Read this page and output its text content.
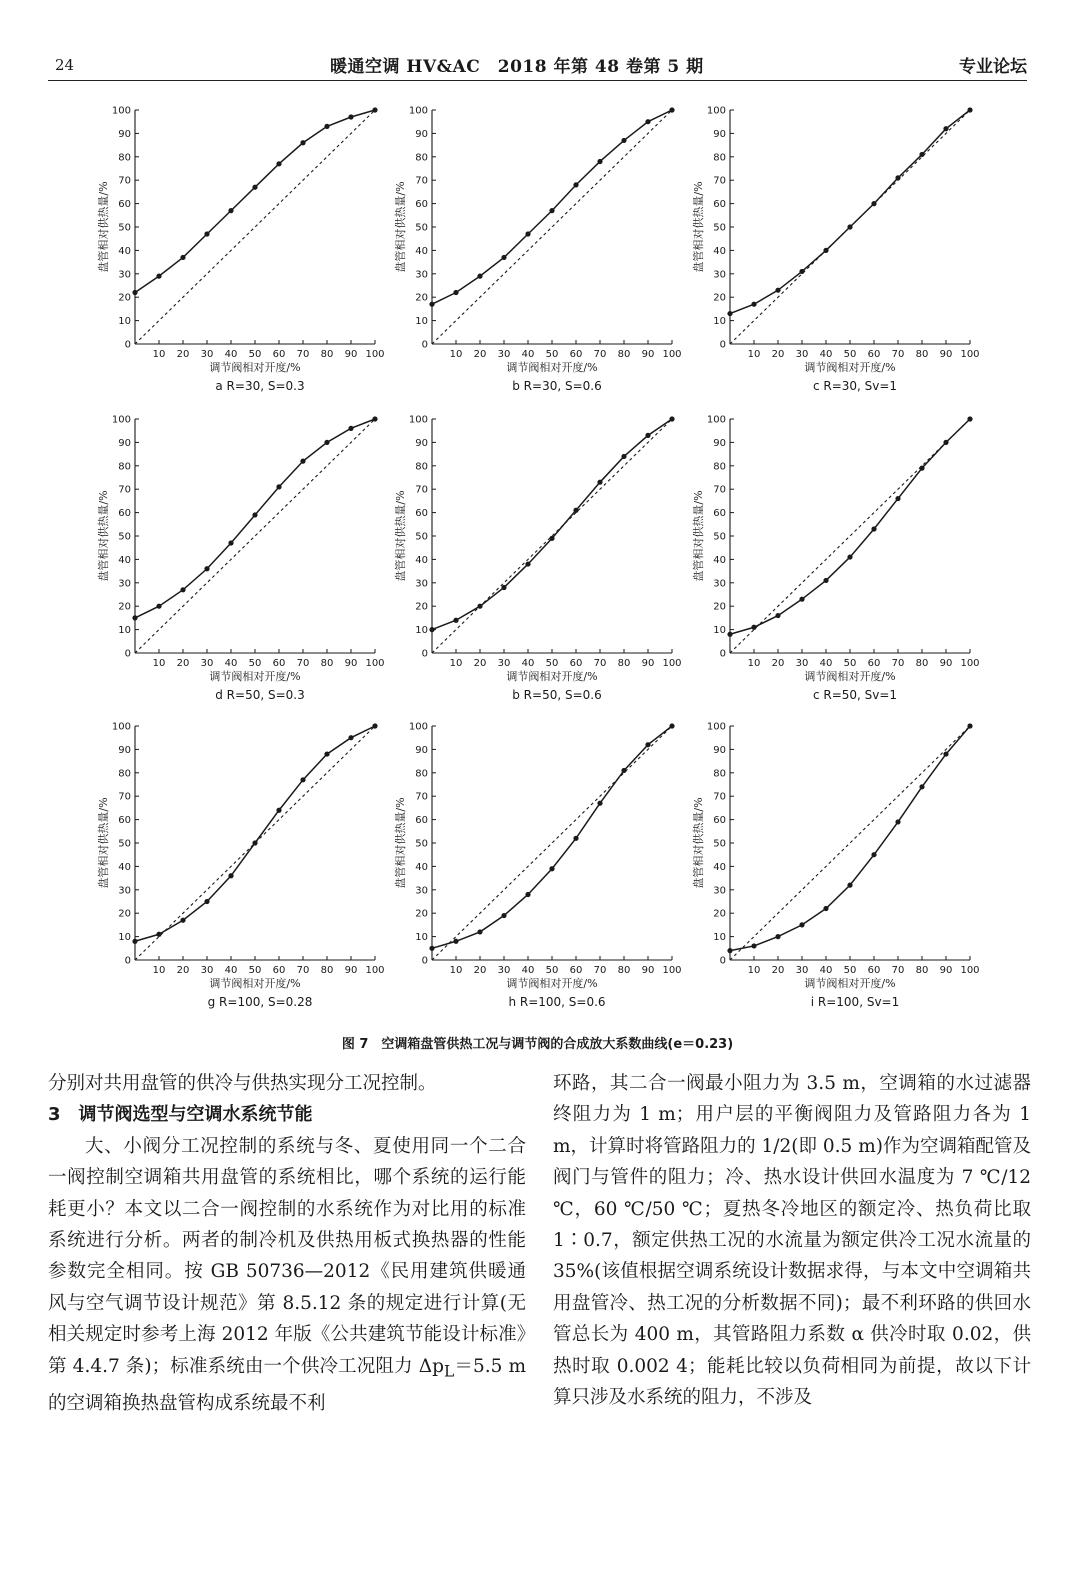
24	暖通空调 HV&AC　2018 年第 48 卷第 5 期	专业论坛
0
10
20
30
40
50
60
70
80
90
100
10 20 30 40 50 60 70 80 90 100
调节阀相对开度/%
盘管相对供热量/%
a R=30, S=0.3
0
10
20
30
40
50
60
70
80
90
100
10 20 30 40 50 60 70 80 90 100
调节阀相对开度/%
盘管相对供热量/%
b R=30, S=0.6
0
10
20
30
40
50
60
70
80
90
100
10 20 30 40 50 60 70 80 90 100
调节阀相对开度/%
盘管相对供热量/%
c R=30, Sv=1
0
10
20
30
40
50
60
70
80
90
100
10 20 30 40 50 60 70 80 90 100
调节阀相对开度/%
盘管相对供热量/%
d R=50, S=0.3
0
10
20
30
40
50
60
70
80
90
100
10 20 30 40 50 60 70 80 90 100
调节阀相对开度/%
盘管相对供热量/%
b R=50, S=0.6
0
10
20
30
40
50
60
70
80
90
100
10 20 30 40 50 60 70 80 90 100
调节阀相对开度/%
盘管相对供热量/%
c R=50, Sv=1
0
10
20
30
40
50
60
70
80
90
100
10 20 30 40 50 60 70 80 90 100
调节阀相对开度/%
盘管相对供热量/%
g R=100, S=0.28
0
10
20
30
40
50
60
70
80
90
100
10 20 30 40 50 60 70 80 90 100
调节阀相对开度/%
盘管相对供热量/%
h R=100, S=0.6
0
10
20
30
40
50
60
70
80
90
100
10 20 30 40 50 60 70 80 90 100
调节阀相对开度/%
盘管相对供热量/%
i R=100, Sv=1
图 7　空调箱盘管供热工况与调节阀的合成放大系数曲线(e＝0.23)

分别对共用盘管的供冷与供热实现分工况控制。

3　调节阀选型与空调水系统节能

大、小阀分工况控制的系统与冬、夏使用同一个二合一阀控制空调箱共用盘管的系统相比，哪个系统的运行能耗更小？本文以二合一阀控制的水系统作为对比用的标准系统进行分析。两者的制冷机及供热用板式换热器的性能参数完全相同。按 GB 50736—2012《民用建筑供暖通风与空气调节设计规范》第 8.5.12 条的规定进行计算(无相关规定时参考上海 2012 年版《公共建筑节能设计标准》第 4.4.7 条)；标准系统由一个供冷工况阻力 $\Delta p_L=5.5$ m 的空调箱换热盘管构成系统最不利

环路，其二合一阀最小阻力为 3.5 m，空调箱的水过滤器终阻力为 1 m；用户层的平衡阀阻力及管路阻力各为 1 m，计算时将管路阻力的 1/2(即 0.5 m)作为空调箱配管及阀门与管件的阻力；冷、热水设计供回水温度为 7 ℃/12 ℃，60 ℃/50 ℃；夏热冬冷地区的额定冷、热负荷比取 1∶0.7，额定供热工况的水流量为额定供冷工况水流量的 35%(该值根据空调系统设计数据求得，与本文中空调箱共用盘管冷、热工况的分析数据不同)；最不利环路的供回水管总长为 400 m，其管路阻力系数 α 供冷时取 0.02，供热时取 0.002 4；能耗比较以负荷相同为前提，故以下计算只涉及水系统的阻力，不涉及
